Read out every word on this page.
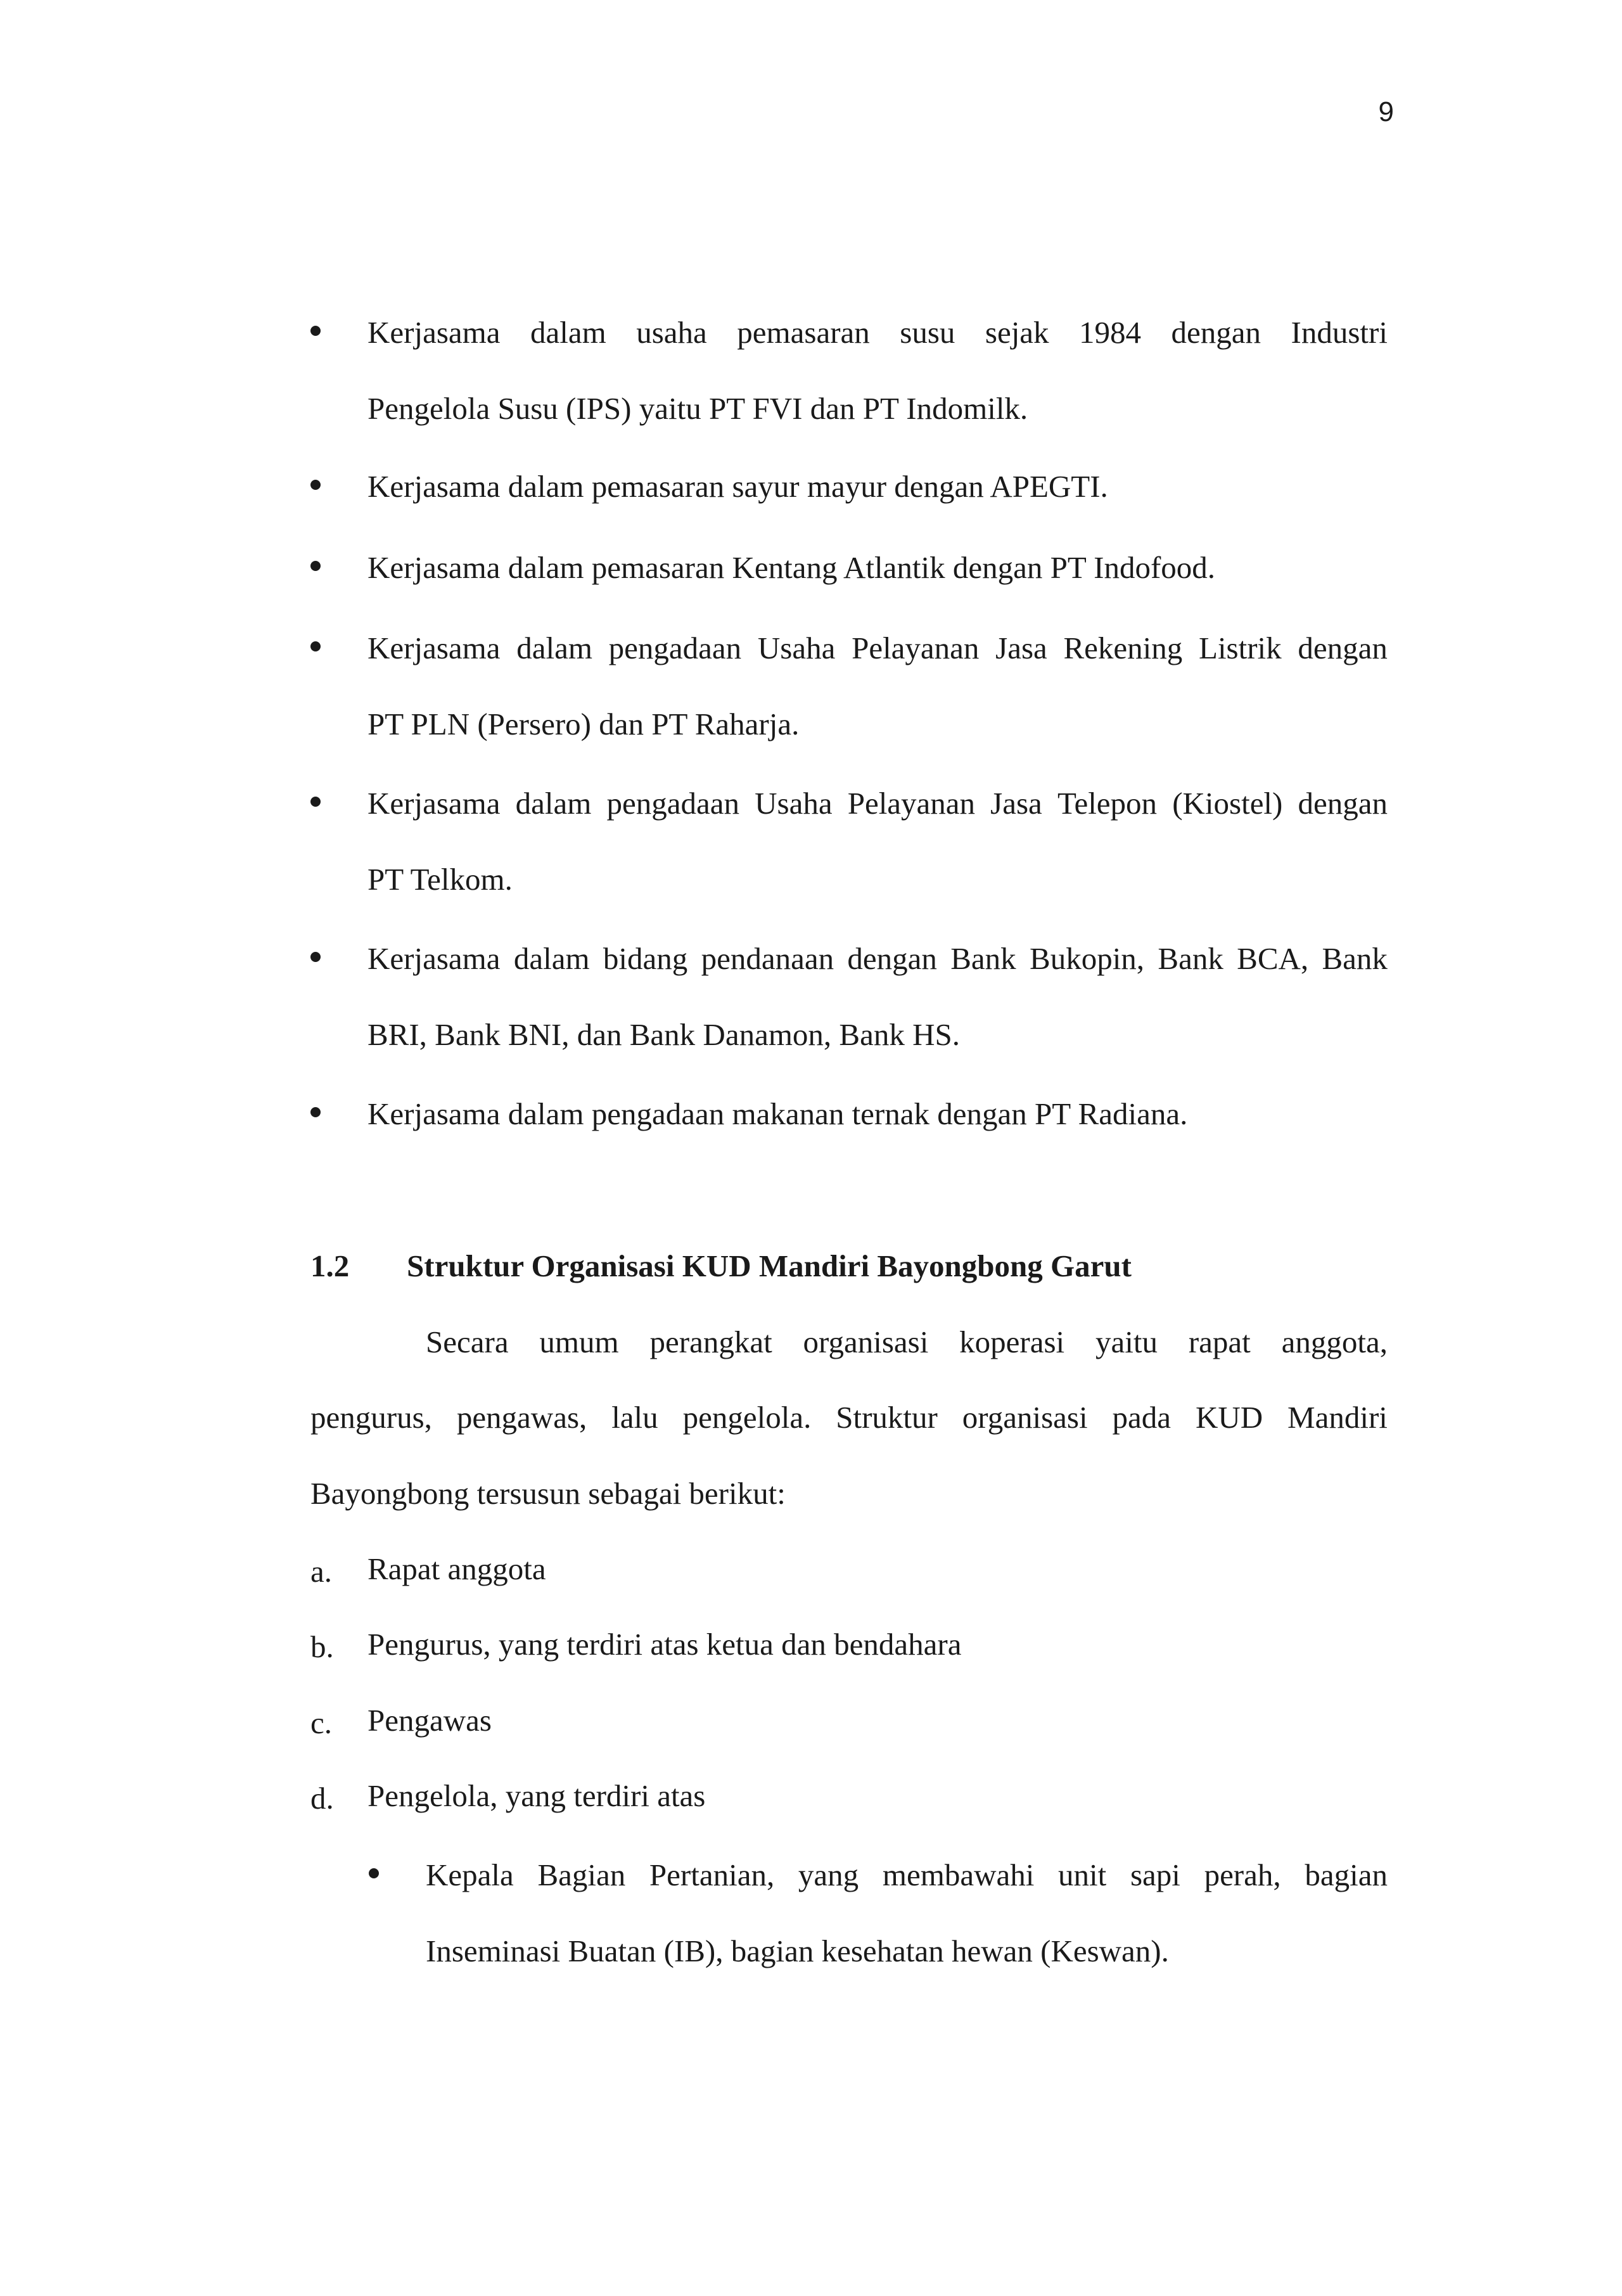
9
Kerjasama dalam usaha pemasaran susu sejak 1984 dengan Industri
Pengelola Susu (IPS) yaitu PT FVI dan PT Indomilk.
Kerjasama dalam pemasaran sayur mayur dengan APEGTI.
Kerjasama dalam pemasaran Kentang Atlantik dengan PT Indofood.
Kerjasama dalam pengadaan Usaha Pelayanan Jasa Rekening Listrik dengan
PT PLN (Persero) dan PT Raharja.
Kerjasama dalam pengadaan Usaha Pelayanan Jasa Telepon (Kiostel) dengan
PT Telkom.
Kerjasama dalam bidang pendanaan dengan Bank Bukopin, Bank BCA, Bank
BRI, Bank BNI, dan Bank Danamon, Bank HS.
Kerjasama dalam pengadaan makanan ternak dengan PT Radiana.
1.2 Struktur Organisasi KUD Mandiri Bayongbong Garut
Secara umum perangkat organisasi koperasi yaitu rapat anggota,
pengurus, pengawas, lalu pengelola. Struktur organisasi pada KUD Mandiri
Bayongbong tersusun sebagai berikut:
a. Rapat anggota
b. Pengurus, yang terdiri atas ketua dan bendahara
c. Pengawas
d. Pengelola, yang terdiri atas
Kepala Bagian Pertanian, yang membawahi unit sapi perah, bagian
Inseminasi Buatan (IB), bagian kesehatan hewan (Keswan).
